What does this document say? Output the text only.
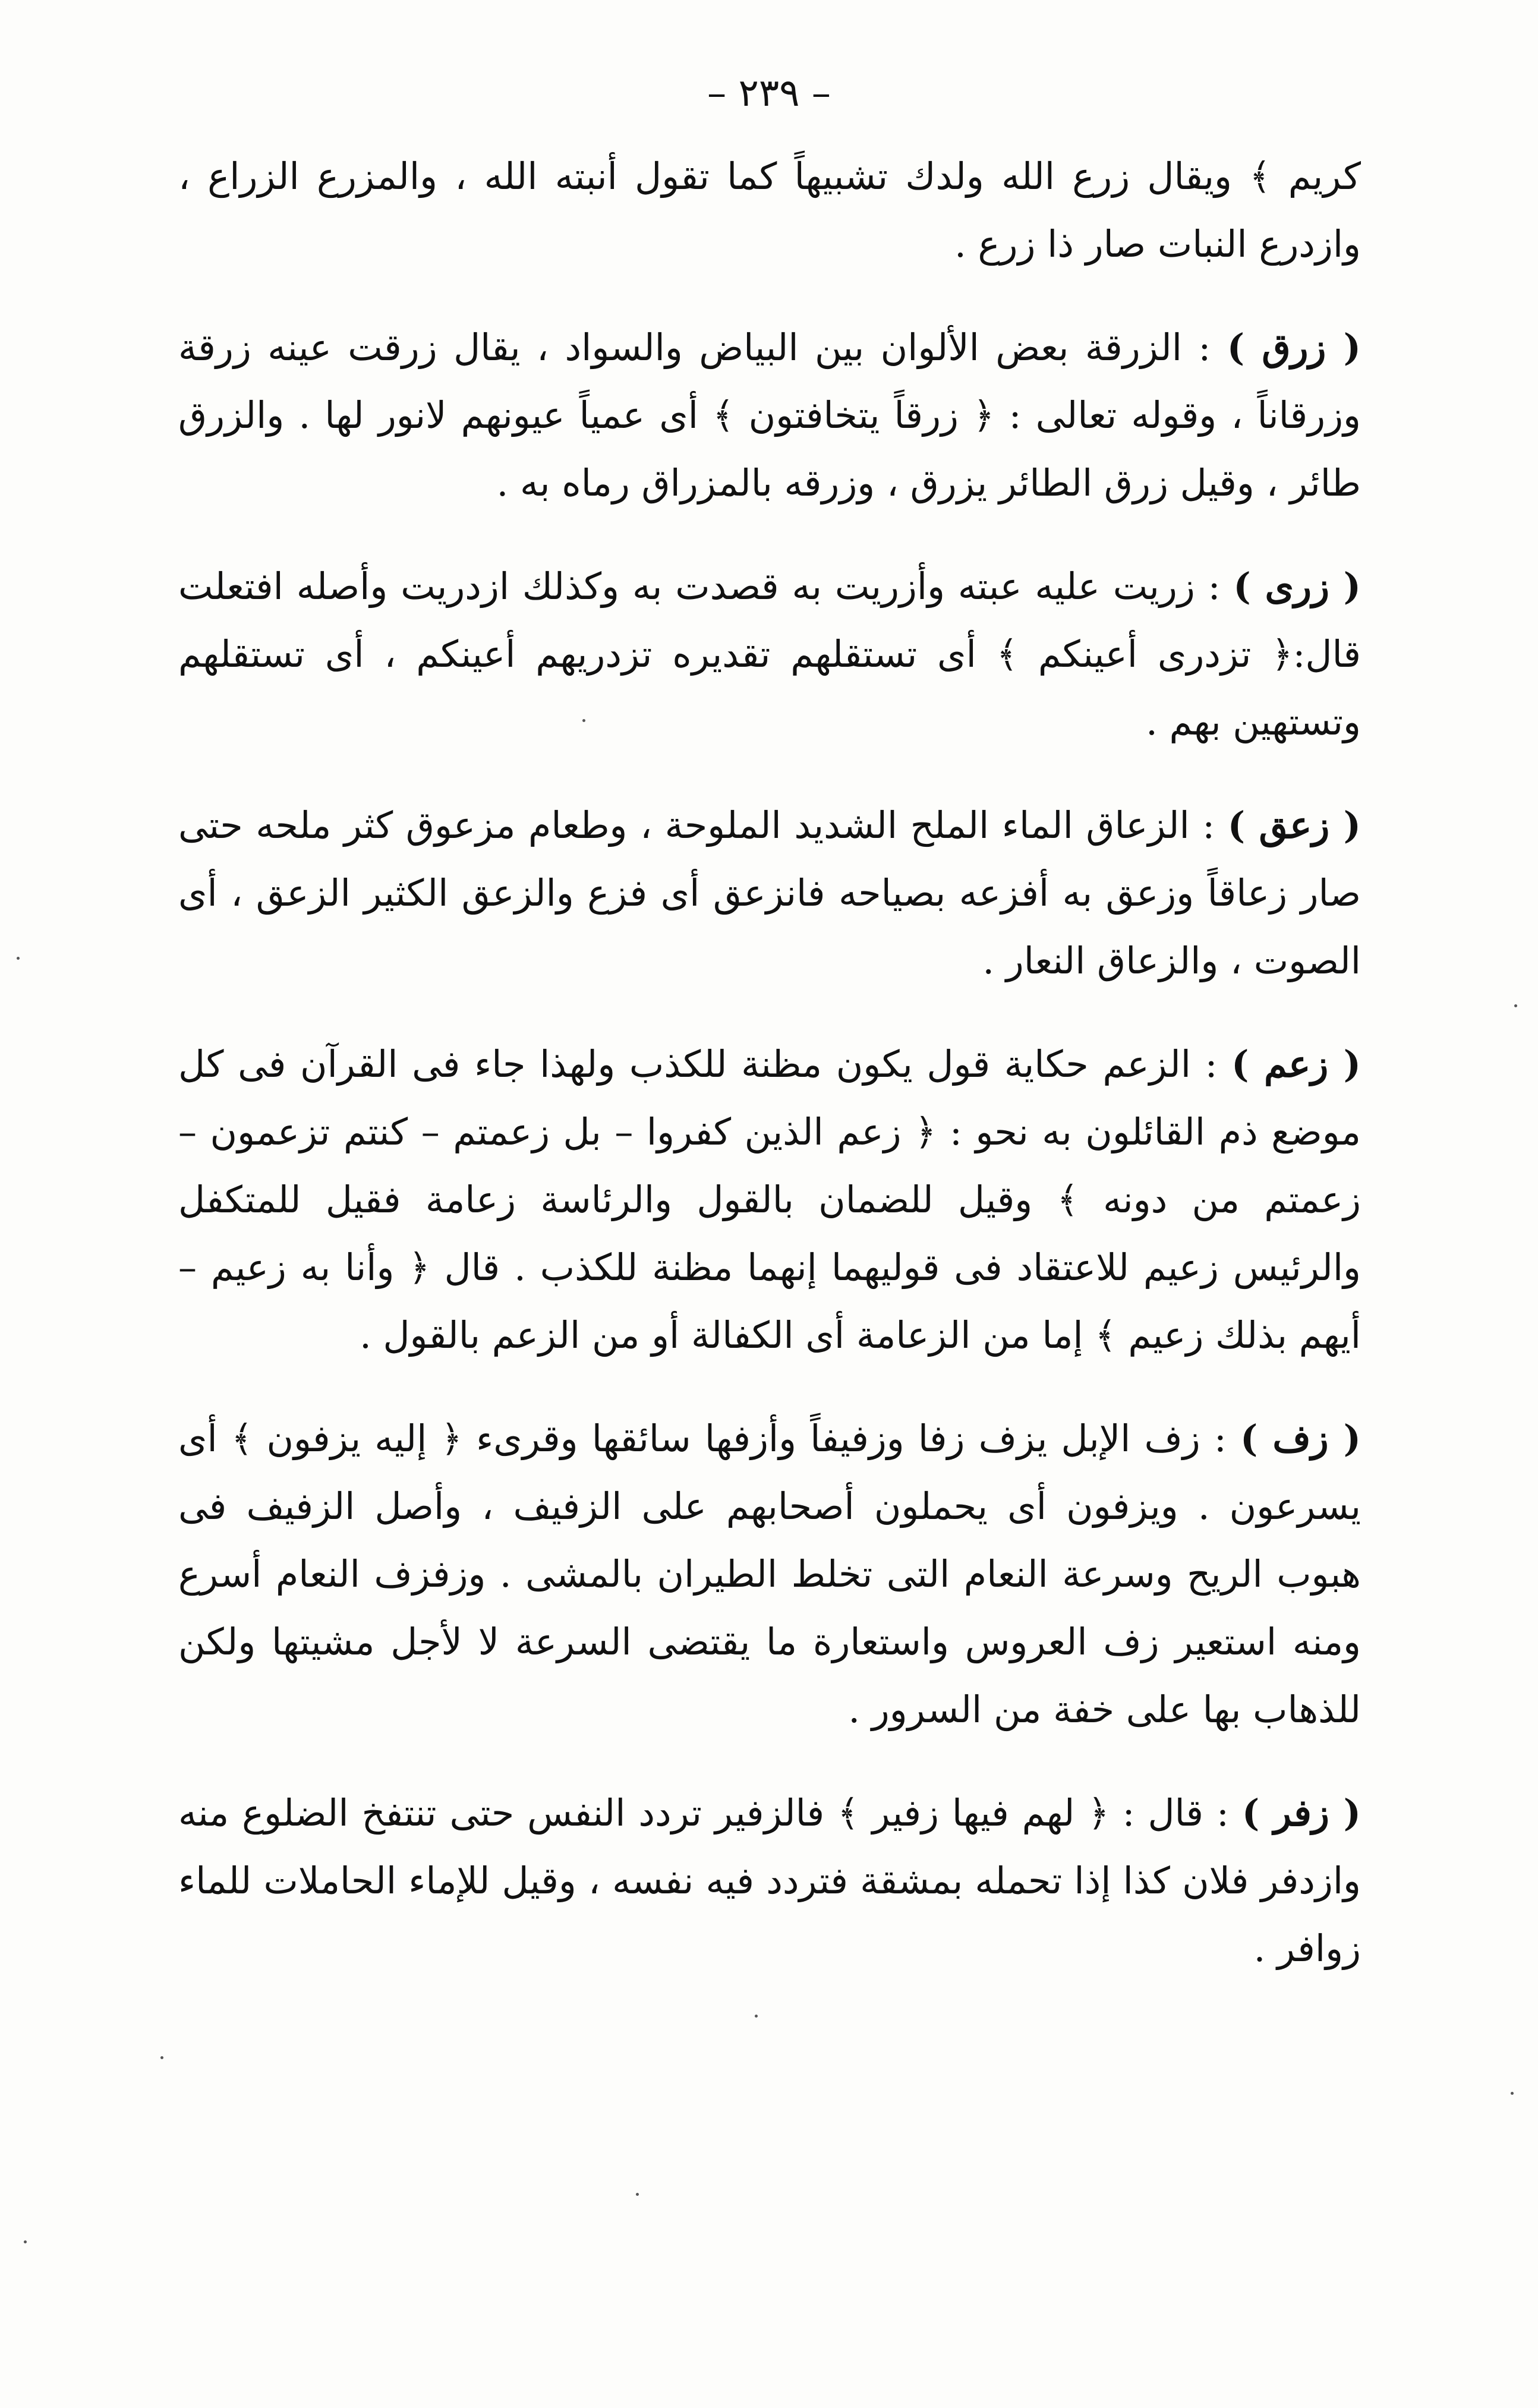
– ٢٣٩ –

كريم ﴾ ويقال زرع الله ولدك تشبيهاً كما تقول أنبته الله ، والمزرع الزراع ، وازدرع النبات صار ذا زرع .

( زرق ) : الزرقة بعض الألوان بين البياض والسواد ، يقال زرقت عينه زرقة وزرقاناً ، وقوله تعالى : ﴿ زرقاً يتخافتون ﴾ أى عمياً عيونهم لانور لها . والزرق طائر ، وقيل زرق الطائر يزرق ، وزرقه بالمزراق رماه به .

( زرى ) : زريت عليه عبته وأزريت به قصدت به وكذلك ازدريت وأصله افتعلت قال:﴿ تزدرى أعينكم ﴾ أى تستقلهم تقديره تزدريهم أعينكم ، أى تستقلهم وتستهين بهم .

( زعق ) : الزعاق الماء الملح الشديد الملوحة ، وطعام مزعوق كثر ملحه حتى صار زعاقاً وزعق به أفزعه بصياحه فانزعق أى فزع والزعق الكثير الزعق ، أى الصوت ، والزعاق النعار .

( زعم ) : الزعم حكاية قول يكون مظنة للكذب ولهذا جاء فى القرآن فى كل موضع ذم القائلون به نحو : ﴿ زعم الذين كفروا – بل زعمتم – كنتم تزعمون – زعمتم من دونه ﴾ وقيل للضمان بالقول والرئاسة زعامة فقيل للمتكفل والرئيس زعيم للاعتقاد فى قوليهما إنهما مظنة للكذب . قال ﴿ وأنا به زعيم – أيهم بذلك زعيم ﴾ إما من الزعامة أى الكفالة أو من الزعم بالقول .

( زف ) : زف الإبل يزف زفا وزفيفاً وأزفها سائقها وقرىء ﴿ إليه يزفون ﴾ أى يسرعون . ويزفون أى يحملون أصحابهم على الزفيف ، وأصل الزفيف فى هبوب الريح وسرعة النعام التى تخلط الطيران بالمشى . وزفزف النعام أسرع ومنه استعير زف العروس واستعارة ما يقتضى السرعة لا لأجل مشيتها ولكن للذهاب بها على خفة من السرور .

( زفر ) : قال : ﴿ لهم فيها زفير ﴾ فالزفير تردد النفس حتى تنتفخ الضلوع منه وازدفر فلان كذا إذا تحمله بمشقة فتردد فيه نفسه ، وقيل للإماء الحاملات للماء زوافر .
